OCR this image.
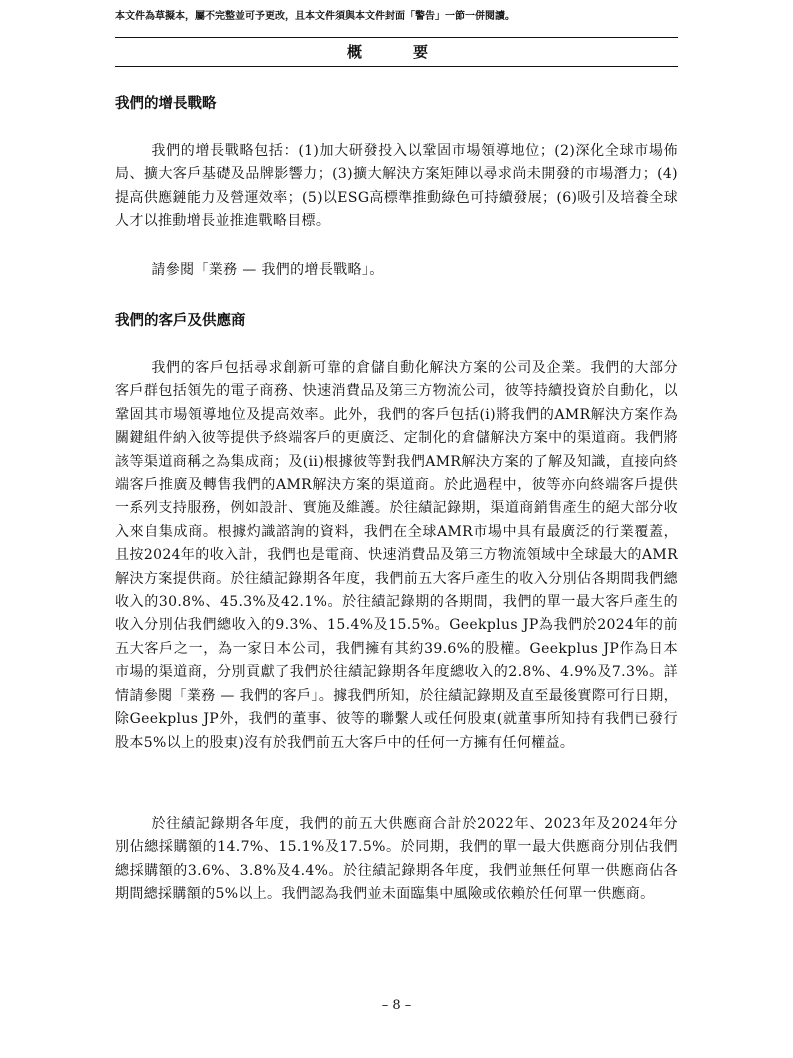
本文件為草擬本，屬不完整並可予更改，且本文件須與本文件封面「警告」一節一併閱讀。
概　要
我們的增長戰略

我們的增長戰略包括：(1)加大研發投入以鞏固市場領導地位；(2)深化全球市場佈局、擴大客戶基礎及品牌影響力；(3)擴大解決方案矩陣以尋求尚未開發的市場潛力；(4)提高供應鏈能力及營運效率；(5)以ESG高標準推動綠色可持續發展；(6)吸引及培養全球人才以推動增長並推進戰略目標。

請參閱「業務 — 我們的增長戰略」。

我們的客戶及供應商

我們的客戶包括尋求創新可靠的倉儲自動化解決方案的公司及企業。我們的大部分客戶群包括領先的電子商務、快速消費品及第三方物流公司，彼等持續投資於自動化，以鞏固其市場領導地位及提高效率。此外，我們的客戶包括(i)將我們的AMR解決方案作為關鍵組件納入彼等提供予終端客戶的更廣泛、定制化的倉儲解決方案中的渠道商。我們將該等渠道商稱之為集成商；及(ii)根據彼等對我們AMR解決方案的了解及知識，直接向終端客戶推廣及轉售我們的AMR解決方案的渠道商。於此過程中，彼等亦向終端客戶提供一系列支持服務，例如設計、實施及維護。於往績記錄期，渠道商銷售產生的絕大部分收入來自集成商。根據灼識諮詢的資料，我們在全球AMR市場中具有最廣泛的行業覆蓋，且按2024年的收入計，我們也是電商、快速消費品及第三方物流領域中全球最大的AMR解決方案提供商。於往績記錄期各年度，我們前五大客戶產生的收入分別佔各期間我們總收入的30.8%、45.3%及42.1%。於往績記錄期的各期間，我們的單一最大客戶產生的收入分別佔我們總收入的9.3%、15.4%及15.5%。Geekplus JP為我們於2024年的前五大客戶之一，為一家日本公司，我們擁有其約39.6%的股權。Geekplus JP作為日本市場的渠道商，分別貢獻了我們於往績記錄期各年度總收入的2.8%、4.9%及7.3%。詳情請參閱「業務 — 我們的客戶」。據我們所知，於往績記錄期及直至最後實際可行日期，除Geekplus JP外，我們的董事、彼等的聯繫人或任何股東(就董事所知持有我們已發行股本5%以上的股東)沒有於我們前五大客戶中的任何一方擁有任何權益。

於往績記錄期各年度，我們的前五大供應商合計於2022年、2023年及2024年分別佔總採購額的14.7%、15.1%及17.5%。於同期，我們的單一最大供應商分別佔我們總採購額的3.6%、3.8%及4.4%。於往績記錄期各年度，我們並無任何單一供應商佔各期間總採購額的5%以上。我們認為我們並未面臨集中風險或依賴於任何單一供應商。

– 8 –
